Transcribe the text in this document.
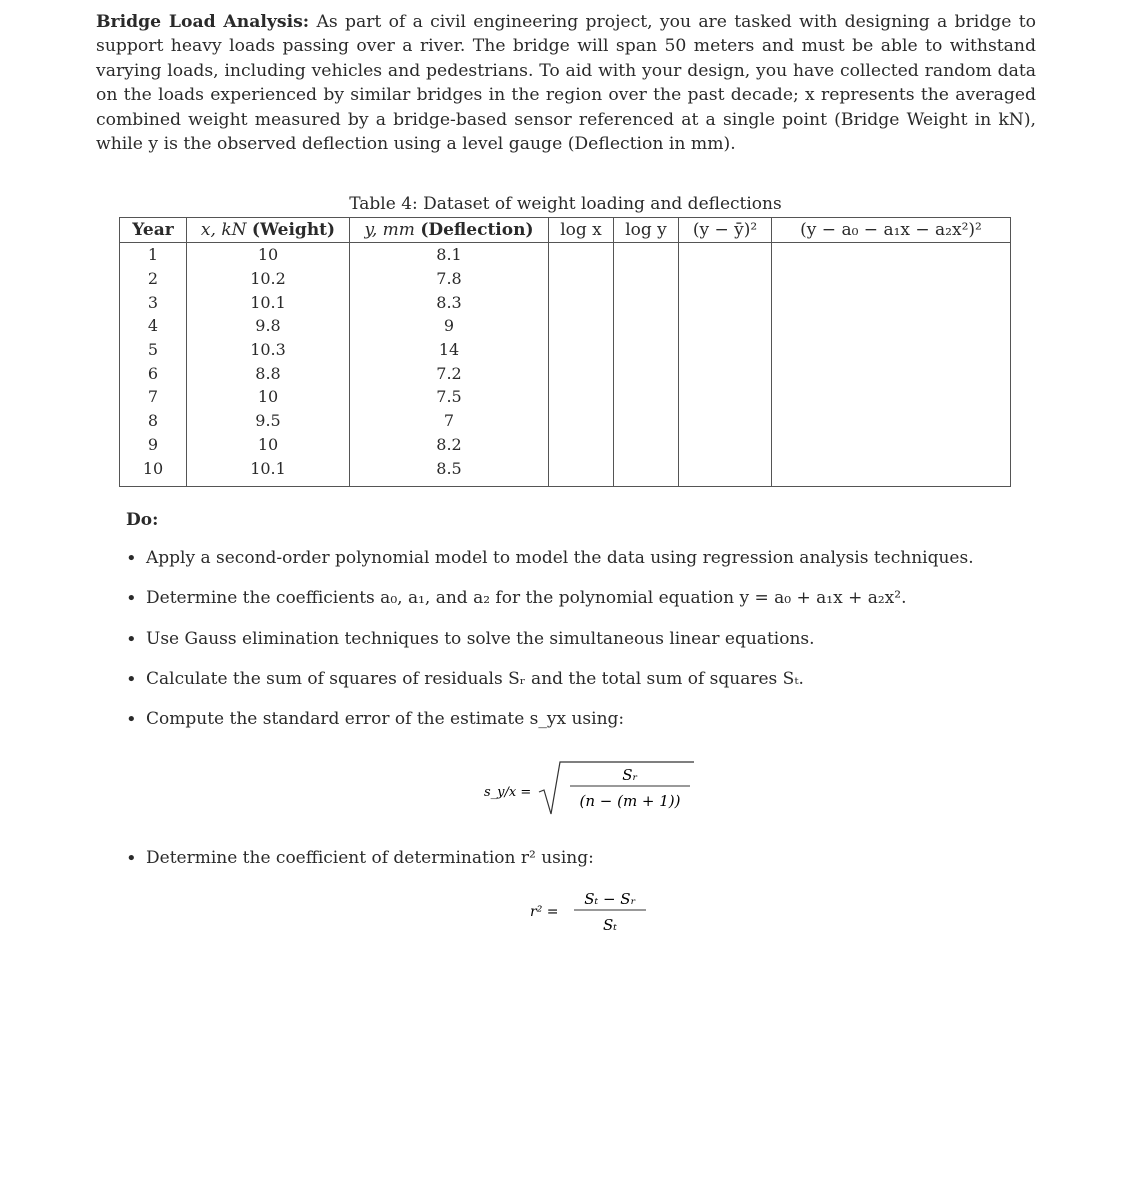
Bridge Load Analysis: As part of a civil engineering project, you are tasked with designing a bridge to support heavy loads passing over a river. The bridge will span 50 meters and must be able to withstand varying loads, including vehicles and pedestrians. To aid with your design, you have collected random data on the loads experienced by similar bridges in the region over the past decade; x represents the averaged combined weight measured by a bridge-based sensor referenced at a single point (Bridge Weight in kN), while y is the observed deflection using a level gauge (Deflection in mm).
Table 4: Dataset of weight loading and deflections
Year	x, kN (Weight)	y, mm (Deflection)	log x	log y	(y − ȳ)²	(y − a₀ − a₁x − a₂x²)²
1	10	8.1				
2	10.2	7.8				
3	10.1	8.3				
4	9.8	9				
5	10.3	14				
6	8.8	7.2				
7	10	7.5				
8	9.5	7				
9	10	8.2				
10	10.1	8.5				
Do:
• Apply a second-order polynomial model to model the data using regression analysis techniques.
• Determine the coefficients a₀, a₁, and a₂ for the polynomial equation y = a₀ + a₁x + a₂x².
• Use Gauss elimination techniques to solve the simultaneous linear equations.
• Calculate the sum of squares of residuals Sᵣ and the total sum of squares Sₜ.
• Compute the standard error of the estimate s_yx using:
s_y/x =
Sᵣ
(n − (m + 1))
• Determine the coefficient of determination r² using:
r² =
Sₜ − Sᵣ
Sₜ
